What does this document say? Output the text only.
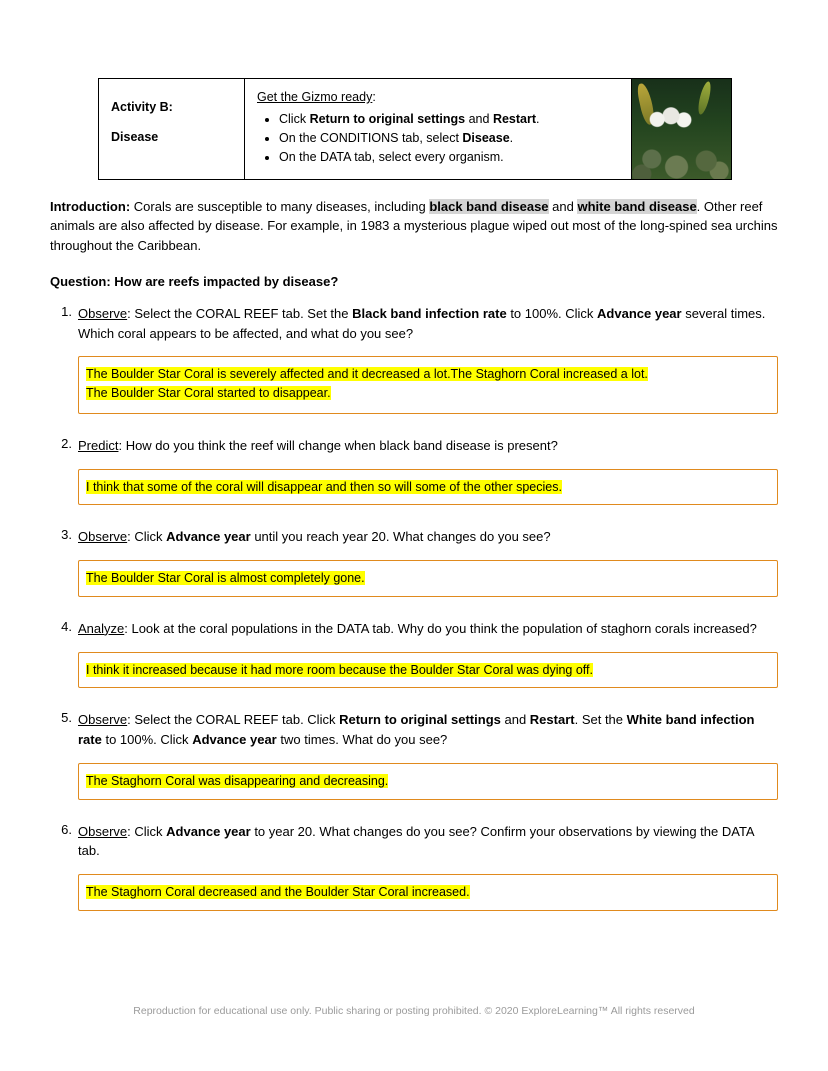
Activity B:
Disease
Get the Gizmo ready:
• Click Return to original settings and Restart.
• On the CONDITIONS tab, select Disease.
• On the DATA tab, select every organism.
Introduction: Corals are susceptible to many diseases, including black band disease and white band disease. Other reef animals are also affected by disease. For example, in 1983 a mysterious plague wiped out most of the long-spined sea urchins throughout the Caribbean.
Question: How are reefs impacted by disease?
1. Observe: Select the CORAL REEF tab. Set the Black band infection rate to 100%. Click Advance year several times. Which coral appears to be affected, and what do you see?
The Boulder Star Coral is severely affected and it decreased a lot.The Staghorn Coral increased a lot.
The Boulder Star Coral started to disappear.
2. Predict: How do you think the reef will change when black band disease is present?
I think that some of the coral will disappear and then so will some of the other species.
3. Observe: Click Advance year until you reach year 20. What changes do you see?
The Boulder Star Coral is almost completely gone.
4. Analyze: Look at the coral populations in the DATA tab. Why do you think the population of staghorn corals increased?
I think it increased because it had more room because the Boulder Star Coral was dying off.
5. Observe: Select the CORAL REEF tab. Click Return to original settings and Restart. Set the White band infection rate to 100%. Click Advance year two times. What do you see?
The Staghorn Coral was disappearing and decreasing.
6. Observe: Click Advance year to year 20. What changes do you see? Confirm your observations by viewing the DATA tab.
The Staghorn Coral decreased and the Boulder Star Coral increased.
Reproduction for educational use only. Public sharing or posting prohibited. © 2020 ExploreLearning™ All rights reserved
